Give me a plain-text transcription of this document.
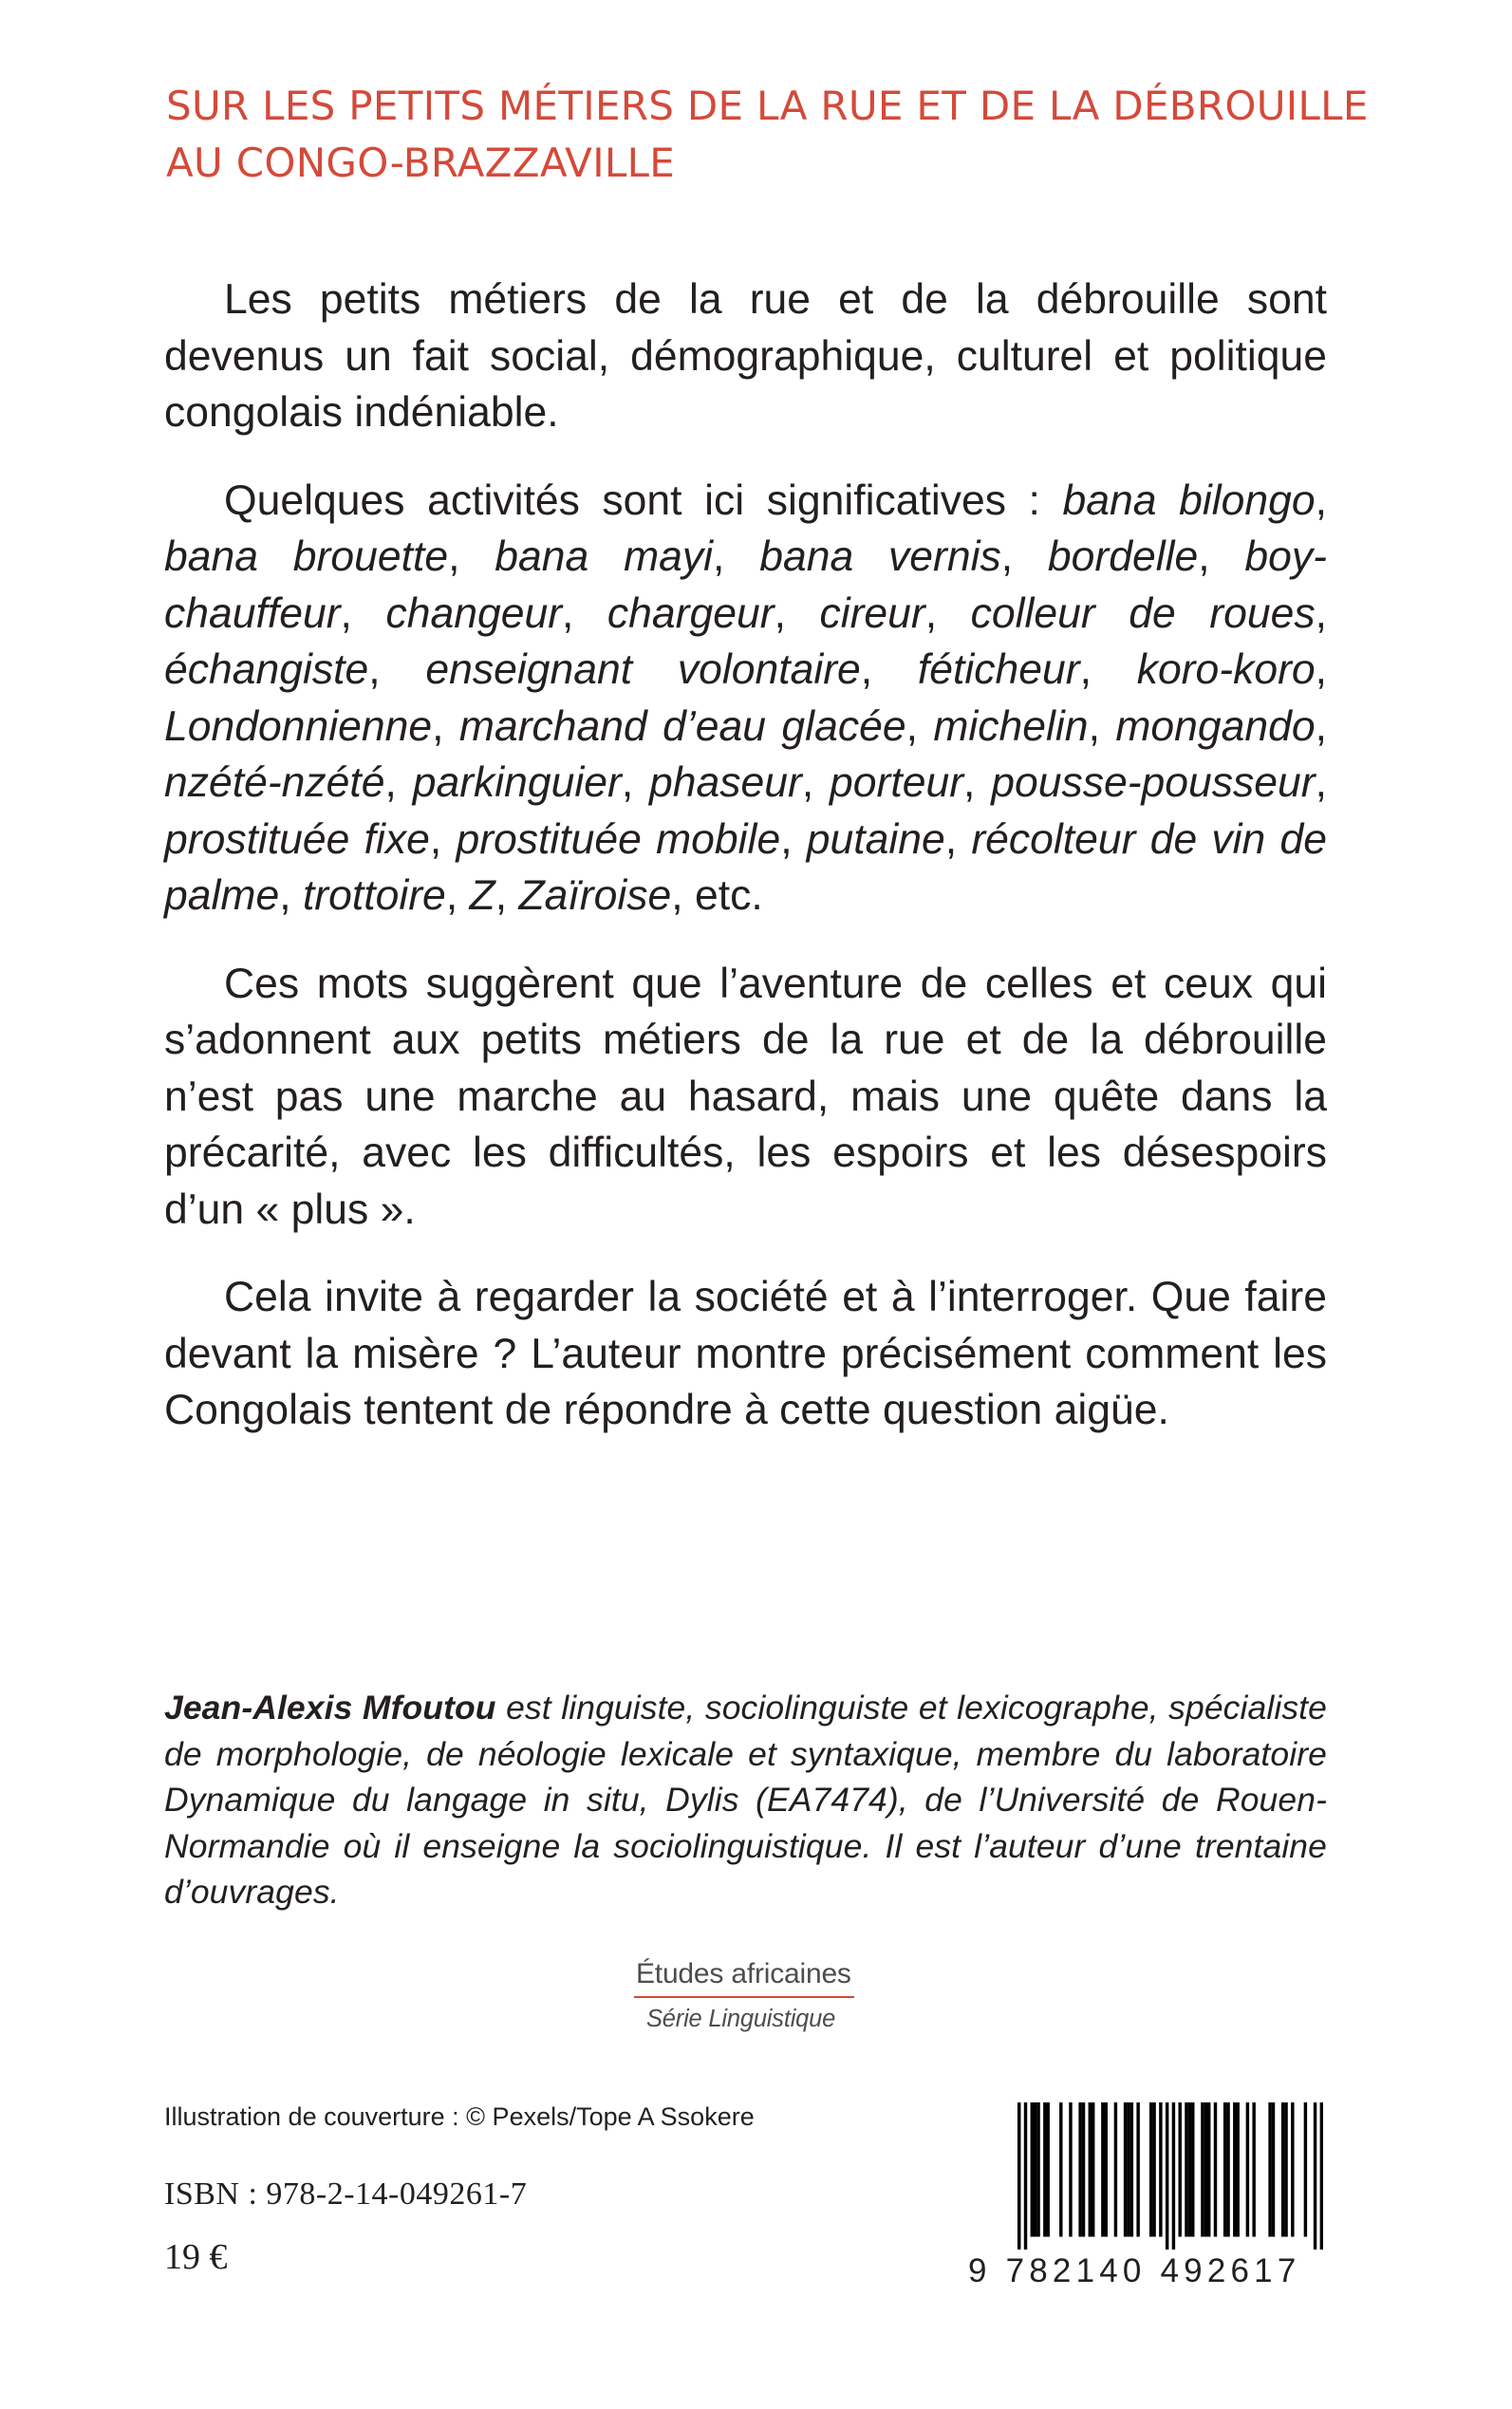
SUR LES PETITS MÉTIERS DE LA RUE ET DE LA DÉBROUILLE
AU CONGO-BRAZZAVILLE

Les petits métiers de la rue et de la débrouille sont devenus un fait social, démographique, culturel et politique congolais indéniable.

Quelques activités sont ici significatives : bana bilongo, bana brouette, bana mayi, bana vernis, bordelle, boy-chauffeur, changeur, chargeur, cireur, colleur de roues, échangiste, enseignant volontaire, féticheur, koro-koro, Londonnienne, marchand d’eau glacée, michelin, mongando, nzété-nzété, parkinguier, phaseur, porteur, pousse-pousseur, prostituée fixe, prostituée mobile, putaine, récolteur de vin de palme, trottoire, Z, Zaïroise, etc.

Ces mots suggèrent que l’aventure de celles et ceux qui s’adonnent aux petits métiers de la rue et de la débrouille n’est pas une marche au hasard, mais une quête dans la précarité, avec les difficultés, les espoirs et les désespoirs d’un « plus ».

Cela invite à regarder la société et à l’interroger. Que faire devant la misère ? L’auteur montre précisément comment les Congolais tentent de répondre à cette question aigüe.

Jean-Alexis Mfoutou est linguiste, sociolinguiste et lexicographe, spécialiste de morphologie, de néologie lexicale et syntaxique, membre du laboratoire Dynamique du langage in situ, Dylis (EA7474), de l’Université de Rouen-Normandie où il enseigne la sociolinguistique. Il est l’auteur d’une trentaine d’ouvrages.

Études africaines
Série Linguistique
Illustration de couverture : © Pexels/Tope A Ssokere
ISBN : 978-2-14-049261-7
19 €	9 782140 492617
